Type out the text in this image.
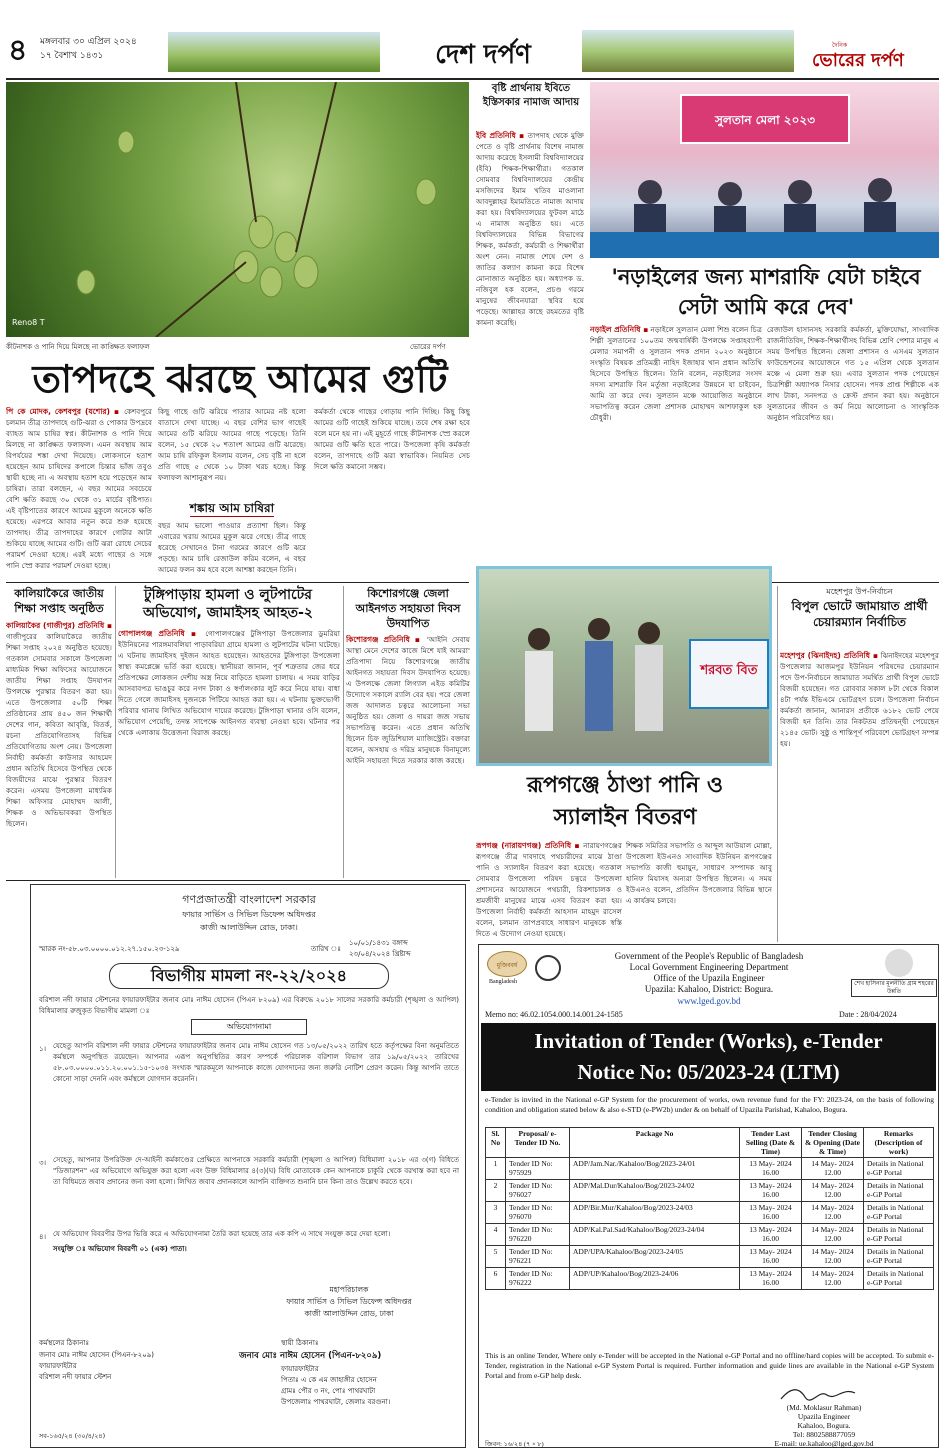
৪ মঙ্গলবার ৩০ এপ্রিল ২০২৪
১৭ বৈশাখ ১৪৩১	দেশ দর্পণ	দৈনিক
ভোরের দর্পণ
Reno8 T
কীটনাশক ও পানি দিয়ে মিলছে না কাঙ্ক্ষিত ফলাফল	ভোরের দর্পণ
তাপদহে ঝরছে আমের গুটি
পি কে মোদক, কেশবপুর (যশোর) ▪ কেশবপুরে চলমান তীব্র তাপদাহে গুটি-ঝরা ও পোকার উপদ্রবে ব্যাহত আম চাষির স্বপ্ন। কীটনাশক ও পানি দিয়ে মিলছে না কাঙ্ক্ষিত ফলাফল। এমন অবস্থায় আম বিপর্যয়ের শঙ্কা দেখা দিয়েছে। লোকসানে হতাশ হয়েছেন আম চাষিদের কপালে চিন্তার ভাঁজ তবুও স্থায়ী হচ্ছে না। এ অবস্থায় হতাশ হয়ে পড়েছেন আম চাষিরা। তারা বলছেন, এ বছর আমের সবচেয়ে বেশি ক্ষতি করছে ৩০ থেকে ৩১ মার্চের বৃষ্টিপাত। এই বৃষ্টিপাতের কারণে আমের মুকুলে অনেকে ক্ষতি হয়েছে। এরপরে আবার নতুন করে শুরু হয়েছে তাপদাহ। তীব্র তাপদাহের কারণে গোটার আটা শুকিয়ে যাচ্ছে আমের গুটি। গুটি ঝরা রোধে সেচের পরামর্শ দেওয়া হচ্ছে। এরই মধ্যে গাছের ও সঙ্গে পানি স্প্রে করার পরামর্শ দেওয়া হচ্ছে।
কিছু গাছে গুটি ঝরিয়ে পাতার আমের নষ্ট হলো বাতাসে দেখা যাচ্ছে। এ বছর বেশির ভাগ গাছেই আমের গুটি ঝরিয়ে আমের গাছে পড়েছে। তিনি বলেন, ১৫ থেকে ২০ শতাংশ আমের গুটি ঝরেছে। আম চাষি রফিকুল ইসলাম বলেন, সেচ বৃষ্টি না হলে প্রতি গাছে ৫ থেকে ১০ টাকা খরচ হচ্ছে। কিন্তু ফলাফল আশানুরূপ নয়।
শঙ্কায় আম চাষিরা
বছর আম ভালো পাওয়ার প্রত্যাশা ছিল। কিন্তু এবারের খরায় আমের মুকুল ঝরে গেছে। তীব্র গাছে ধরেছে সেখানেও টানা গরমের কারণে গুটি ঝরে পড়ছে। আম চাষি রেজাউল করিম বলেন, এ বছর আমের ফলন কম হবে বলে আশঙ্কা করছেন তিনি।
কর্মকর্তা থেকে গাছের গোড়ায় পানি দিচ্ছি। কিছু কিছু আমের গুটি গাছেই শুকিয়ে যাচ্ছে। তবে শেষ রক্ষা হবে বলে মনে হয় না। এই মুহূর্তে গাছে কীটনাশক স্প্রে করলে আমের গুটি ক্ষতি হতে পারে। উপজেলা কৃষি কর্মকর্তা বলেন, তাপদাহে গুটি ঝরা স্বাভাবিক। নিয়মিত সেচ দিলে ক্ষতি কমানো সম্ভব।
বৃষ্টি প্রার্থনায় ইবিতে ইস্তিসকার নামাজ আদায়
ইবি প্রতিনিধি ▪ তাপদাহ থেকে মুক্তি পেতে ও বৃষ্টি প্রার্থনায় বিশেষ নামাজ আদায় করেছে ইসলামী বিশ্ববিদ্যালয়ের (ইবি) শিক্ষক-শিক্ষার্থীরা। গতকাল সোমবার বিশ্ববিদ্যালয়ের কেন্দ্রীয় মসজিদের ইমাম খতিব মাওলানা আবদুল্লাহর ইমামতিতে নামাজ আদায় করা হয়। বিশ্ববিদ্যালয়ের ফুটবল মাঠে এ নামাজ অনুষ্ঠিত হয়। এতে বিশ্ববিদ্যালয়ের বিভিন্ন বিভাগের শিক্ষক, কর্মকর্তা, কর্মচারী ও শিক্ষার্থীরা অংশ নেন। নামাজ শেষে দেশ ও জাতির কল্যাণ কামনা করে বিশেষ মোনাজাত অনুষ্ঠিত হয়। অধ্যাপক ড. নজিবুল হক বলেন, প্রচণ্ড গরমে মানুষের জীবনযাত্রা স্থবির হয়ে পড়েছে। আল্লাহর কাছে রহমতের বৃষ্টি কামনা করেছি।
সুলতান মেলা ২০২৩
'নড়াইলের জন্য মাশরাফি যেটা চাইবে সেটা আমি করে দেব'
নড়াইল প্রতিনিধি ▪ নড়াইলে সুলতান মেলা শিশু বলেন চিত্র শিল্পী সুলতানের ১০০তম জন্মবার্ষিকী উপলক্ষে সপ্তাহব্যাপী মেলার সমাপনী ও সুলতান পদক প্রদান ২০২৩ অনুষ্ঠানে সংস্কৃতি বিষয়ক প্রতিমন্ত্রী নাহিদ ইজাহার খান প্রধান অতিথি হিসেবে উপস্থিত ছিলেন। তিনি বলেন, নড়াইলের সংসদ সদস্য মাশরাফি বিন মর্তুজা নড়াইলের উন্নয়নে যা চাইবেন, আমি তা করে দেব। সুলতান মঞ্চে আয়োজিত অনুষ্ঠানে সভাপতিত্ব করেন জেলা প্রশাসক মোহাম্মদ আশফাকুল হক চৌধুরী।
রেজাউল হাসানসহ সরকারি কর্মকর্তা, মুক্তিযোদ্ধা, সাংবাদিক রাজনীতিবিদ, শিক্ষক-শিক্ষার্থীসহ বিভিন্ন শ্রেণি পেশার মানুষ এ সময় উপস্থিত ছিলেন। জেলা প্রশাসন ও এসএম সুলতান ফাউন্ডেশনের আয়োজনে গত ১৫ এপ্রিল থেকে সুলতান মঞ্চে এ মেলা শুরু হয়। এবার সুলতান পদক পেয়েছেন চিত্রশিল্পী অধ্যাপক নিসার হোসেন। পদক প্রাপ্ত শিল্পীকে এক লাখ টাকা, সনদপত্র ও ক্রেস্ট প্রদান করা হয়। অনুষ্ঠানে সুলতানের জীবন ও কর্ম নিয়ে আলোচনা ও সাংস্কৃতিক অনুষ্ঠান পরিবেশিত হয়।
কালিয়াকৈরে জাতীয় শিক্ষা সপ্তাহ অনুষ্ঠিত
কালিয়াকৈর (গাজীপুর) প্রতিনিধি ▪ গাজীপুরের কালিয়াকৈরে জাতীয় শিক্ষা সপ্তাহ ২০২৪ অনুষ্ঠিত হয়েছে। গতকাল সোমবার সকালে উপজেলা মাধ্যমিক শিক্ষা অফিসের আয়োজনে জাতীয় শিক্ষা সপ্তাহ উদযাপন উপলক্ষে পুরস্কার বিতরণ করা হয়। এতে উপজেলার ৫০টি শিক্ষা প্রতিষ্ঠানের প্রায় ৪৫০ জন শিক্ষার্থী দেশের গান, কবিতা আবৃত্তি, বিতর্ক, রচনা প্রতিযোগিতাসহ বিভিন্ন প্রতিযোগিতায় অংশ নেয়। উপজেলা নির্বাহী কর্মকর্তা কাউসার আহমেদ প্রধান অতিথি হিসেবে উপস্থিত থেকে বিজয়ীদের মাঝে পুরস্কার বিতরণ করেন। এসময় উপজেলা মাধ্যমিক শিক্ষা অফিসার মোহাম্মদ আলী, শিক্ষক ও অভিভাবকরা উপস্থিত ছিলেন।
টুঙ্গিপাড়ায় হামলা ও লুটপাটের অভিযোগ, জামাইসহ আহত-২
গোপালগঞ্জ প্রতিনিধি ▪ গোপালগঞ্জের টুঙ্গিপাড়া উপজেলার ডুমরিয়া ইউনিয়নের পারঙ্গমাবলিয়া পাড়াবরিয়া গ্রামে হামলা ও লুটপাটের ঘটনা ঘটেছে। এ ঘটনায় জামাইসহ দুইজন আহত হয়েছেন। আহতদের টুঙ্গিপাড়া উপজেলা স্বাস্থ্য কমপ্লেক্সে ভর্তি করা হয়েছে। স্থানীয়রা জানান, পূর্ব শত্রুতার জের ধরে প্রতিপক্ষের লোকজন দেশীয় অস্ত্র নিয়ে বাড়িতে হামলা চালায়। এ সময় বাড়ির আসবাবপত্র ভাঙচুর করে নগদ টাকা ও স্বর্ণালংকার লুট করে নিয়ে যায়। বাধা দিতে গেলে জামাইসহ দুজনকে পিটিয়ে আহত করা হয়। এ ঘটনায় ভুক্তভোগী পরিবার থানায় লিখিত অভিযোগ দায়ের করেছে। টুঙ্গিপাড়া থানার ওসি বলেন, অভিযোগ পেয়েছি, তদন্ত সাপেক্ষে আইনগত ব্যবস্থা নেওয়া হবে। ঘটনার পর থেকে এলাকায় উত্তেজনা বিরাজ করছে।
কিশোরগঞ্জে জেলা আইনগত সহায়তা দিবস উদযাপিত
কিশোরগঞ্জ প্রতিনিধি ▪ 'আইনি সেবায় আস্থা মেনে দেশের কাজে মিশে যাই আমরা' প্রতিপাদ্য নিয়ে কিশোরগঞ্জে জাতীয় আইনগত সহায়তা দিবস উদযাপিত হয়েছে। এ উপলক্ষে জেলা লিগ্যাল এইড কমিটির উদ্যোগে সকালে র‍্যালি বের হয়। পরে জেলা জজ আদালত চত্বরে আলোচনা সভা অনুষ্ঠিত হয়। জেলা ও দায়রা জজ সভায় সভাপতিত্ব করেন। এতে প্রধান অতিথি ছিলেন চিফ জুডিশিয়াল ম্যাজিস্ট্রেট। বক্তারা বলেন, অসহায় ও দরিদ্র মানুষকে বিনামূল্যে আইনি সহায়তা দিতে সরকার কাজ করছে।
শরবত বিত
রূপগঞ্জে ঠাণ্ডা পানি ও স্যালাইন বিতরণ
রূপগঞ্জ (নারায়ণগঞ্জ) প্রতিনিধি ▪ নারায়ণগঞ্জের রূপগঞ্জে তীব্র দাবদাহে পথচারীদের মাঝে ঠাণ্ডা পানি ও স্যালাইন বিতরণ করা হয়েছে। গতকাল সোমবার উপজেলা পরিষদ চত্বরে উপজেলা প্রশাসনের আয়োজনে পথচারী, রিকশাচালক ও শ্রমজীবী মানুষের মাঝে এসব বিতরণ করা হয়। উপজেলা নির্বাহী কর্মকর্তা আহসান মাহমুদ রাসেল বলেন, চলমান তাপপ্রবাহে সাধারণ মানুষকে স্বস্তি দিতে এ উদ্যোগ নেওয়া হয়েছে।
শিক্ষক সমিতির সভাপতি ও আব্দুল আউয়াল মোল্লা, উপজেলা ইউএনও সাংবাদিক ইউনিয়ন রূপগঞ্জের সভাপতি কাজী হুমায়ুন, সাধারণ সম্পাদক আবু হানিফ মিয়াসহ অন্যরা উপস্থিত ছিলেন। এ সময় ইউএনও বলেন, প্রতিদিন উপজেলার বিভিন্ন স্থানে এ কার্যক্রম চলবে।
মহেশপুর উপ-নির্বাচন
বিপুল ভোটে জামায়াত প্রার্থী চেয়ারম্যান নির্বাচিত
মহেশপুর (ঝিনাইদহ) প্রতিনিধি ▪ ঝিনাইদহের মহেশপুর উপজেলার আজমপুর ইউনিয়ন পরিষদের চেয়ারম্যান পদে উপ-নির্বাচনে জামায়াত সমর্থিত প্রার্থী বিপুল ভোটে বিজয়ী হয়েছেন। গত রোববার সকাল ৮টা থেকে বিকাল ৪টা পর্যন্ত ইভিএমে ভোটগ্রহণ চলে। উপজেলা নির্বাচন কর্মকর্তা জানান, আনারস প্রতীকে ৬১৮২ ভোট পেয়ে বিজয়ী হন তিনি। তার নিকটতম প্রতিদ্বন্দ্বী পেয়েছেন ২১৪৫ ভোট। সুষ্ঠু ও শান্তিপূর্ণ পরিবেশে ভোটগ্রহণ সম্পন্ন হয়।
গণপ্রজাতন্ত্রী বাংলাদেশ সরকার
ফায়ার সার্ভিস ও সিভিল ডিফেন্স অধিদপ্তর
কাজী আলাউদ্দিন রোড, ঢাকা।
স্মারক নং-৫৮.০৩.০০০০.০১২.২৭.১৫০.২৩-১২৯	তারিখ ঃ
১০/০১/১৪৩১ বঙ্গাব্দ
২৩/০৪/২০২৪ খ্রিষ্টাব্দ
বিভাগীয় মামলা নং-২২/২০২৪
বরিশাল নদী ফায়ার স্টেশনের ফায়ারফাইটার জনাব মোঃ নাঈম হোসেন (পিএন ৮২০৯) এর বিরুদ্ধে ২০১৮ সালের সরকারি কর্মচারী (শৃঙ্খলা ও আপিল) বিধিমালার রুজুকৃত বিভাগীয় মামলা ঃ
অভিযোগনামা
১। যেহেতু আপনি বরিশাল নদী ফায়ার স্টেশনের ফায়ারফাইটার জনাব মোঃ নাঈম হোসেন গত ১৩/০৫/২০২২ তারিখ হতে কর্তৃপক্ষের বিনা অনুমতিতে কর্মস্থলে অনুপস্থিত রয়েছেন। আপনার এরূপ অনুপস্থিতির কারণ সম্পর্কে পরিচালক বরিশাল বিভাগ তার ১৯/০৫/২০২২ তারিখের ৫৮.০৩.০০০০.০১১.২০.০০১.১৫-১০৩৪ সংখ্যক স্মারকমূলে আপনাকে কাজে যোগদানের জন্য জরুরি নোটিশ প্রেরণ করেন। কিন্তু আপনি তাতে কোনো সাড়া দেননি এবং কর্মস্থলে যোগদান করেননি।
৩। সেহেতু, আপনার উপরিউক্ত দে-আইনী কর্মকাণ্ডের প্রেক্ষিতে আপনাকে সরকারি কর্মচারী (শৃঙ্খলা ও আপিল) বিধিমালা ২০১৮ এর ৩(গ) বিধিতে "ডিজারশন" এর অভিযোগে অভিযুক্ত করা হলো এবং উক্ত বিধিমালার ৪(৩)(ঘ) বিধি মোতাবেক কেন আপনাকে চাকুরি থেকে বরখাস্ত করা হবে না তা বিধিমতে জবাব প্রদানের জন্য বলা হলো। লিখিত জবাব প্রদানকালে আপনি ব্যক্তিগত শুনানি চান কিনা তাও উল্লেখ করতে হবে।
৪। যে অভিযোগ বিবরণীর উপর ভিত্তি করে এ অভিযোগনামা তৈরি করা হয়েছে তার এক কপি এ সাথে সংযুক্ত করে দেয়া হলো।
সংযুক্তি ঃ অভিযোগ বিবরণী ০১ (এক) পাতা।
মহাপরিচালক
ফায়ার সার্ভিস ও সিভিল ডিফেন্স অধিদপ্তর
কাজী আলাউদ্দিন রোড, ঢাকা
কর্মস্থলের ঠিকানাঃ
জনাব মোঃ নাঈম হোসেন (পিএন-৮২০৯)
ফায়ারফাইটার
বরিশাল নদী ফায়ার স্টেশন
স্থায়ী ঠিকানাঃ
জনাব মোঃ নাঈম হোসেন (পিএন-৮২০৯)
ফায়ারফাইটার
পিতাঃ এ কে এম জাহাঙ্গীর হোসেন
গ্রামঃ পৌর ৩ নং, পোঃ পাথরঘাটা
উপজেলাঃ পাথরঘাটা, জেলাঃ বরগুনা।
সব-১৬৫/২৪ (৩০/৪/২৪)
মুজিববর্ষ
Bangladesh
Government of the People's Republic of Bangladesh
Local Government Engineering Department
Office of the Upazila Engineer
Upazila: Kahaloo, District: Bogura.
www.lged.gov.bd
শেখ হাসিনার মূলনীতি গ্রাম শহরের উন্নতি
Memo no: 46.02.1054.000.14.001.24-1585	Date : 28/04/2024
Invitation of Tender (Works), e-Tender
Notice No: 05/2023-24 (LTM)
e-Tender is invited in the National e-GP System for the procurement of works, own revenue fund for the FY: 2023-24, on the basis of following condition and obligation stated below & also e-STD (e-PW2b) under & on behalf of Upazila Parishad, Kahaloo, Bogura.
Sl. No	Proposal/ e-Tender ID No.	Package No	Tender Last Selling (Date & Time)	Tender Closing & Opening (Date & Time)	Remarks (Description of work)
1	Tender ID No: 975929	ADP/Jam.Nar./Kahaloo/Bog/2023-24/01	13 May- 2024 16.00	14 May- 2024 12.00	Details in National e-GP Portal
2	Tender ID No: 976027	ADP/Mal.Dur/Kahaloo/Bog/2023-24/02	13 May- 2024 16.00	14 May- 2024 12.00	Details in National e-GP Portal
3	Tender ID No: 976070	ADP/Bir.Mur/Kahaloo/Bog/2023-24/03	13 May- 2024 16.00	14 May- 2024 12.00	Details in National e-GP Portal
4	Tender ID No: 976220	ADP/Kal.Pal.Sad/Kahaloo/Bog/2023-24/04	13 May- 2024 16.00	14 May- 2024 12.00	Details in National e-GP Portal
5	Tender ID No: 976221	ADP/UPA/Kahaloo/Bog/2023-24/05	13 May- 2024 16.00	14 May- 2024 12.00	Details in National e-GP Portal
6	Tender ID No: 976222	ADP/UP/Kahaloo/Bog/2023-24/06	13 May- 2024 16.00	14 May- 2024 12.00	Details in National e-GP Portal
This is an online Tender, Where only e-Tender will be accepted in the National e-GP Portal and no offline/hard copies will be accepted. To submit e-Tender, registration in the National e-GP System Portal is required. Further information and guide lines are available in the National e-GP System Portal and from e-GP help desk.
(Md. Moklasur Rahman)
Upazila Engineer
Kahaloo, Bogura.
Tel: 8802588877059
E-mail: ue.kahaloo@lged.gov.bd
জিবন: ১৬/২৪ (৭ × ৮)
